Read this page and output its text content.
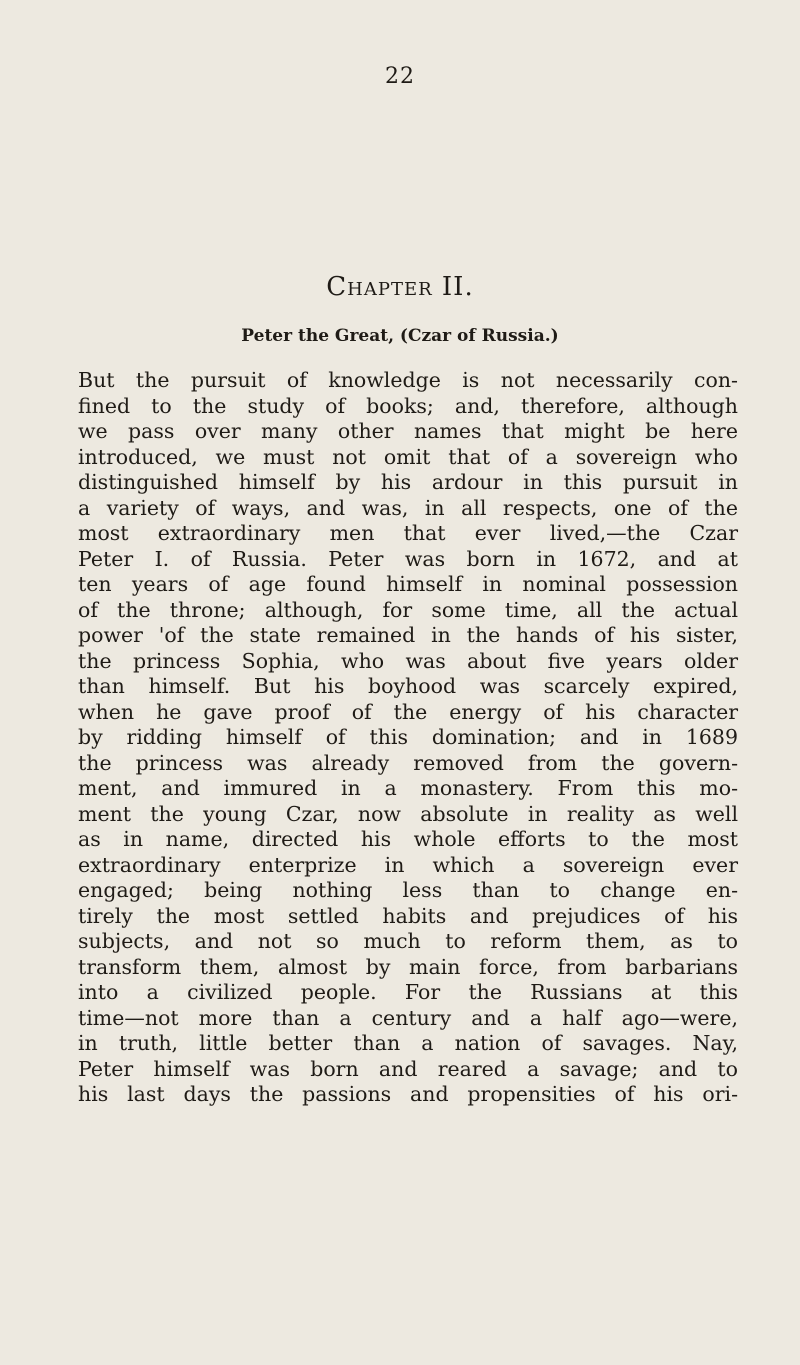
22
Chapter II.
Peter the Great, (Czar of Russia.)
But the pursuit of knowledge is not necessarily con-
fined to the study of books; and, therefore, although
we pass over many other names that might be here
introduced, we must not omit that of a sovereign who
distinguished himself by his ardour in this pursuit in
a variety of ways, and was, in all respects, one of the
most extraordinary men that ever lived,—the Czar
Peter I. of Russia. Peter was born in 1672, and at
ten years of age found himself in nominal possession
of the throne; although, for some time, all the actual
power 'of the state remained in the hands of his sister,
the princess Sophia, who was about five years older
than himself. But his boyhood was scarcely expired,
when he gave proof of the energy of his character
by ridding himself of this domination; and in 1689
the princess was already removed from the govern-
ment, and immured in a monastery. From this mo-
ment the young Czar, now absolute in reality as well
as in name, directed his whole efforts to the most
extraordinary enterprize in which a sovereign ever
engaged; being nothing less than to change en-
tirely the most settled habits and prejudices of his
subjects, and not so much to reform them, as to
transform them, almost by main force, from barbarians
into a civilized people. For the Russians at this
time—not more than a century and a half ago—were,
in truth, little better than a nation of savages. Nay,
Peter himself was born and reared a savage; and to
his last days the passions and propensities of his ori-
